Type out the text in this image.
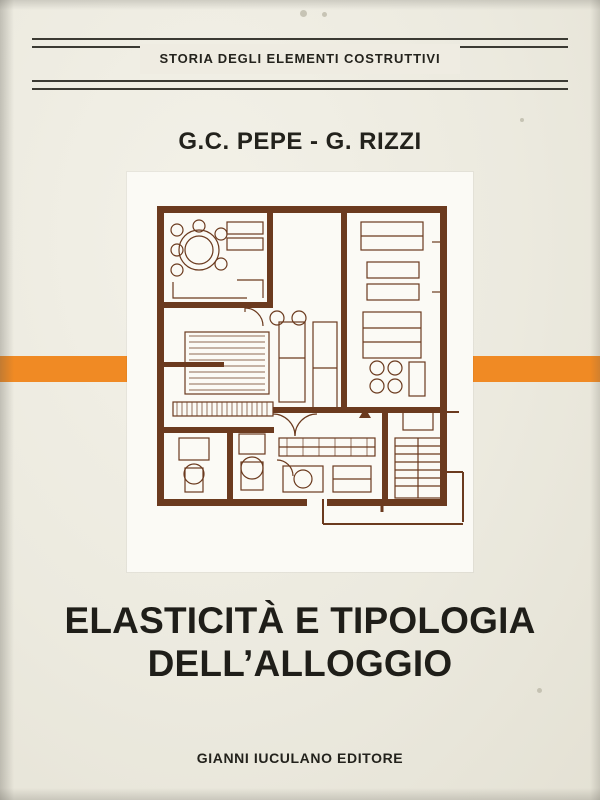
STORIA DEGLI ELEMENTI COSTRUTTIVI
G.C. PEPE - G. RIZZI
ELASTICITÀ E TIPOLOGIA
DELL’ALLOGGIO
GIANNI IUCULANO EDITORE
